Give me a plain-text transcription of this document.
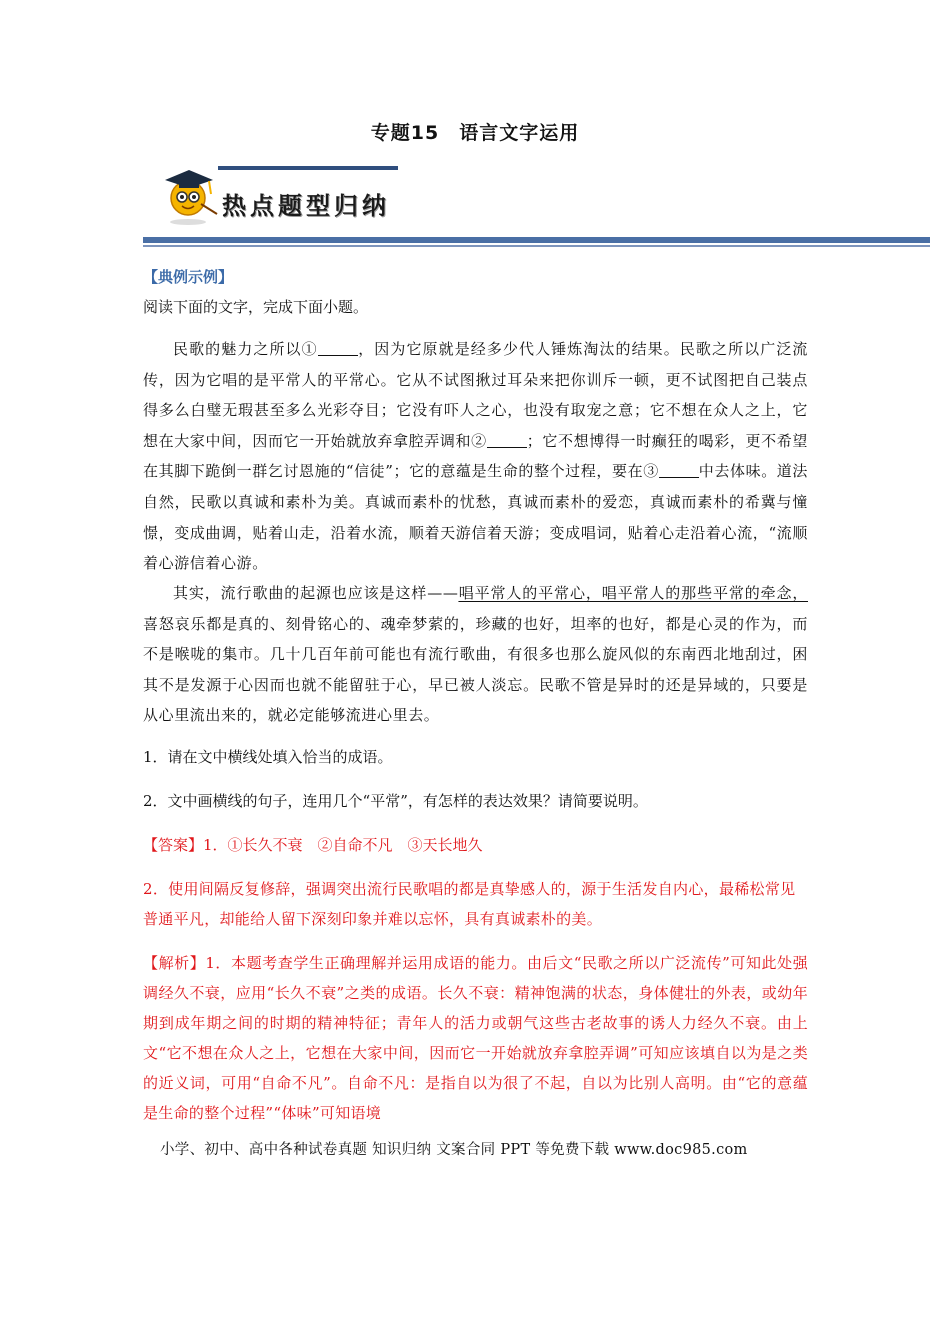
专题15　语言文字运用
热点题型归纳
【典例示例】
阅读下面的文字，完成下面小题。
民歌的魅力之所以①	，因为它原就是经多少代人锤炼淘汰的结果。民歌之所以广泛流传，因为它唱的是平常人的平常心。它从不试图揪过耳朵来把你训斥一顿，更不试图把自己装点得多么白璧无瑕甚至多么光彩夺目；它没有吓人之心，也没有取宠之意；它不想在众人之上，它想在大家中间，因而它一开始就放弃拿腔弄调和②	；它不想博得一时癫狂的喝彩，更不希望在其脚下跪倒一群乞讨恩施的“信徒”；它的意蕴是生命的整个过程，要在③	中去体味。道法自然，民歌以真诚和素朴为美。真诚而素朴的忧愁，真诚而素朴的爱恋，真诚而素朴的希冀与憧憬，变成曲调，贴着山走，沿着水流，顺着天游信着天游；变成唱词，贴着心走沿着心流，“流顺着心游信着心游。
其实，流行歌曲的起源也应该是这样——唱平常人的平常心，唱平常人的那些平常的牵念，喜怒哀乐都是真的、刻骨铭心的、魂牵梦萦的，珍藏的也好，坦率的也好，都是心灵的作为，而不是喉咙的集市。几十几百年前可能也有流行歌曲，有很多也那么旋风似的东南西北地刮过，困其不是发源于心因而也就不能留驻于心，早已被人淡忘。民歌不管是异时的还是异域的，只要是从心里流出来的，就必定能够流进心里去。
1．请在文中横线处填入恰当的成语。
2．文中画横线的句子，连用几个“平常”，有怎样的表达效果？请简要说明。
【答案】1．①长久不衰　②自命不凡　③天长地久
2．使用间隔反复修辞，强调突出流行民歌唱的都是真挚感人的，源于生活发自内心，最稀松常见普通平凡，却能给人留下深刻印象并难以忘怀，具有真诚素朴的美。
【解析】1．本题考查学生正确理解并运用成语的能力。由后文“民歌之所以广泛流传”可知此处强调经久不衰，应用“长久不衰”之类的成语。长久不衰：精神饱满的状态，身体健壮的外表，或幼年期到成年期之间的时期的精神特征；青年人的活力或朝气这些古老故事的诱人力经久不衰。由上文“它不想在众人之上，它想在大家中间，因而它一开始就放弃拿腔弄调”可知应该填自以为是之类的近义词，可用“自命不凡”。自命不凡：是指自以为很了不起，自以为比别人高明。由“它的意蕴是生命的整个过程”“体味”可知语境
小学、初中、高中各种试卷真题 知识归纳 文案合同 PPT 等免费下载 www.doc985.com
